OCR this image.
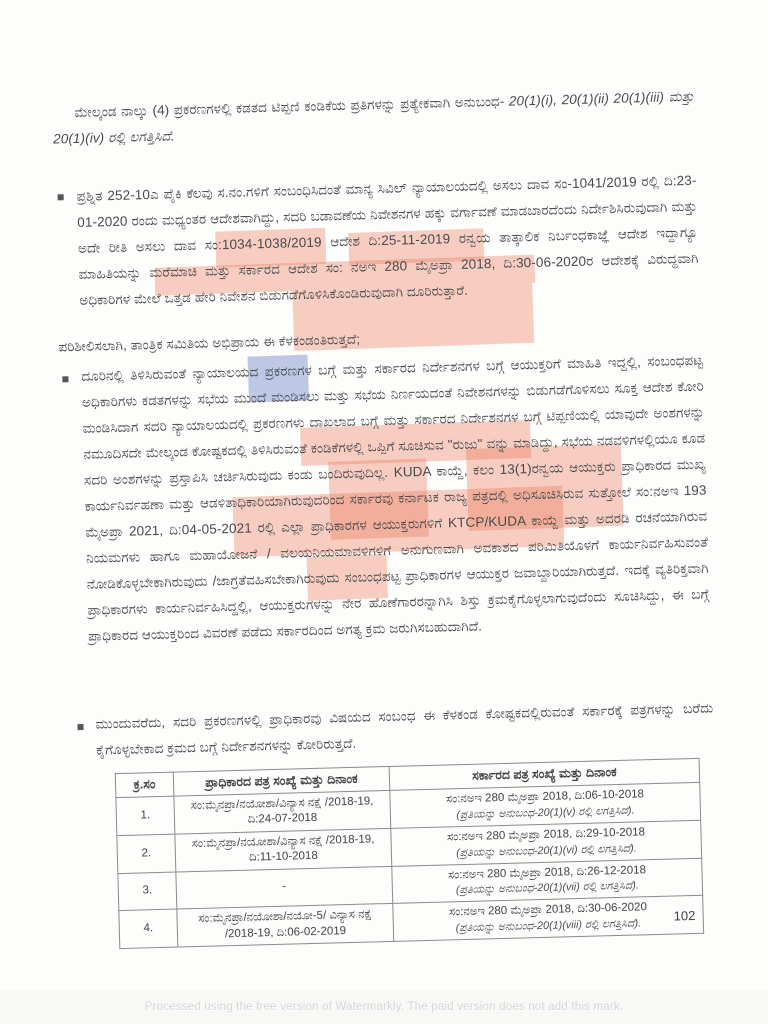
ಮೇಲ್ಕಂಡ ನಾಲ್ಕು (4) ಪ್ರಕರಣಗಳಲ್ಲಿ ಕಡತದ ಟಿಪ್ಪಣಿ ಕಂಡಿಕೆಯ ಪ್ರತಿಗಳನ್ನು ಪ್ರತ್ಯೇಕವಾಗಿ ಅನುಬಂಧ- 20(1)(i), 20(1)(ii) 20(1)(iii) ಮತ್ತು 20(1)(iv) ರಲ್ಲಿ ಲಗತ್ತಿಸಿದೆ.
ಪ್ರಶ್ನಿತ 252-10ಎ ಪೈಕಿ ಕೆಲವು ಸ.ನಂ.ಗಳಿಗೆ ಸಂಬಂಧಿಸಿದಂತೆ ಮಾನ್ಯ ಸಿವಿಲ್ ನ್ಯಾಯಾಲಯದಲ್ಲಿ ಅಸಲು ದಾವ ಸಂ-1041/2019 ರಲ್ಲಿ ದಿ:23-01-2020 ರಂದು ಮಧ್ಯಂತರ ಆದೇಶವಾಗಿದ್ದು, ಸದರಿ ಬಡಾವಣೆಯ ನಿವೇಶನಗಳ ಹಕ್ಕು ವರ್ಗಾವಣೆ ಮಾಡಬಾರದೆಂದು ನಿರ್ದೇಶಿಸಿರುವುದಾಗಿ ಮತ್ತು ಅದೇ ರೀತಿ ಅಸಲು ದಾವ ಸಂ:1034-1038/2019 ಆದೇಶ ದಿ:25-11-2019 ರನ್ವಯ ತಾತ್ಕಾಲಿಕ ನಿರ್ಬಂಧಕಾಜ್ಞೆ ಆದೇಶ ಇದ್ದಾಗ್ಯೂ ಮಾಹಿತಿಯನ್ನು ಮರೆಮಾಚಿ ಮತ್ತು ಸರ್ಕಾರದ ಆದೇಶ ಸಂ: ನಅಇ 280 ಮೈಅಪ್ರಾ 2018, ದಿ:30-06-2020ರ ಆದೇಶಕ್ಕೆ ವಿರುದ್ಧವಾಗಿ ಅಧಿಕಾರಿಗಳ ಮೇಲೆ ಒತ್ತಡ ಹೇರಿ ನಿವೇಶನ ಬಿಡುಗಡೆಗೊಳಿಸಿಕೊಂಡಿರುವುದಾಗಿ ದೂರಿರುತ್ತಾರೆ.
ಪರಿಶೀಲಿಸಲಾಗಿ, ತಾಂತ್ರಿಕ ಸಮಿತಿಯ ಅಭಿಪ್ರಾಯ ಈ ಕೆಳಕಂಡಂತಿರುತ್ತದೆ;
ದೂರಿನಲ್ಲಿ ತಿಳಿಸಿರುವಂತೆ ನ್ಯಾಯಾಲಯದ ಪ್ರಕರಣಗಳ ಬಗ್ಗೆ ಮತ್ತು ಸರ್ಕಾರದ ನಿರ್ದೇಶನಗಳ ಬಗ್ಗೆ ಆಯುಕ್ತರಿಗೆ ಮಾಹಿತಿ ಇದ್ದಲ್ಲಿ, ಸಂಬಂಧಪಟ್ಟ ಅಧಿಕಾರಿಗಳು ಕಡತಗಳನ್ನು ಸಭೆಯ ಮುಂದೆ ಮಂಡಿಸಲು ಮತ್ತು ಸಭೆಯ ನಿರ್ಣಯದಂತೆ ನಿವೇಶನಗಳನ್ನು ಬಿಡುಗಡೆಗೊಳಿಸಲು ಸೂಕ್ತ ಆದೇಶ ಕೋರಿ ಮಂಡಿಸಿದಾಗ ಸದರಿ ನ್ಯಾಯಾಲಯದಲ್ಲಿ ಪ್ರಕರಣಗಳು ದಾಖಲಾದ ಬಗ್ಗೆ ಮತ್ತು ಸರ್ಕಾರದ ನಿರ್ದೇಶನಗಳ ಬಗ್ಗೆ ಟಿಪ್ಪಣಿಯಲ್ಲಿ ಯಾವುದೇ ಅಂಶಗಳನ್ನು ನಮೂದಿಸದೇ ಮೇಲ್ಕಂಡ ಕೋಷ್ಟಕದಲ್ಲಿ ತಿಳಿಸಿರುವಂತೆ ಕಂಡಿಕೆಗಳಲ್ಲಿ ಒಪ್ಪಿಗೆ ಸೂಚಿಸುವ "ರುಜು" ವನ್ನು ಮಾಡಿದ್ದು, ಸಭೆಯ ನಡವಳಿಗಳಲ್ಲಿಯೂ ಕೂಡ ಸದರಿ ಅಂಶಗಳನ್ನು ಪ್ರಸ್ತಾಪಿಸಿ ಚರ್ಚಿಸಿರುವುದು ಕಂಡು ಬಂದಿರುವುದಿಲ್ಲ. KUDA ಕಾಯ್ದೆ, ಕಲಂ 13(1)ರನ್ವಯ ಆಯುಕ್ತರು ಪ್ರಾಧಿಕಾರದ ಮುಖ್ಯ ಕಾರ್ಯನಿರ್ವಹಣಾ ಮತ್ತು ಆಡಳಿತಾಧಿಕಾರಿಯಾಗಿರುವುದರಿಂದ ಸರ್ಕಾರವು ಕರ್ನಾಟಕ ರಾಜ್ಯ ಪತ್ರದಲ್ಲಿ ಅಧಿಸೂಚಿಸಿರುವ ಸುತ್ತೋಲೆ ಸಂ:ನಅಇ 193 ಮೈಅಪ್ರಾ 2021, ದಿ:04-05-2021 ರಲ್ಲಿ ಎಲ್ಲಾ ಪ್ರಾಧಿಕಾರಗಳ ಆಯುಕ್ತರುಗಳಿಗೆ KTCP/KUDA ಕಾಯ್ದೆ ಮತ್ತು ಅದರಡಿ ರಚನೆಯಾಗಿರುವ ನಿಯಮಗಳು ಹಾಗೂ ಮಹಾಯೋಜನೆ / ವಲಯನಿಯಮಾವಳಿಗಳಿಗೆ ಅನುಗುಣವಾಗಿ ಅವಕಾಶದ ಪರಿಮಿತಿಯೊಳಗೆ ಕಾರ್ಯನಿರ್ವಹಿಸುವಂತೆ ನೋಡಿಕೊಳ್ಳಬೇಕಾಗಿರುವುದು /ಜಾಗ್ರತೆವಹಿಸಬೇಕಾಗಿರುವುದು ಸಂಬಂಧಪಟ್ಟ ಪ್ರಾಧಿಕಾರಗಳ ಆಯುಕ್ತರ ಜವಾಬ್ದಾರಿಯಾಗಿರುತ್ತದೆ. ಇದಕ್ಕೆ ವ್ಯತಿರಿಕ್ತವಾಗಿ ಪ್ರಾಧಿಕಾರಗಳು ಕಾರ್ಯನಿರ್ವಹಿಸಿದ್ದಲ್ಲಿ, ಆಯುಕ್ತರುಗಳನ್ನು ನೇರ ಹೊಣೆಗಾರರನ್ನಾಗಿಸಿ ಶಿಸ್ತು ಕ್ರಮಕೈಗೊಳ್ಳಲಾಗುವುದೆಂದು ಸೂಚಿಸಿದ್ದು, ಈ ಬಗ್ಗೆ ಪ್ರಾಧಿಕಾರದ ಆಯುಕ್ತರಿಂದ ವಿವರಣೆ ಪಡೆದು ಸರ್ಕಾರದಿಂದ ಅಗತ್ಯ ಕ್ರಮ ಜರುಗಿಸಬಹುದಾಗಿದೆ.
ಮುಂದುವರೆದು, ಸದರಿ ಪ್ರಕರಣಗಳಲ್ಲಿ ಪ್ರಾಧಿಕಾರವು ವಿಷಯದ ಸಂಬಂಧ ಈ ಕೆಳಕಂಡ ಕೋಷ್ಟಕದಲ್ಲಿರುವಂತೆ ಸರ್ಕಾರಕ್ಕೆ ಪತ್ರಗಳನ್ನು ಬರೆದು ಕೈಗೊಳ್ಳಬೇಕಾದ ಕ್ರಮದ ಬಗ್ಗೆ ನಿರ್ದೇಶನಗಳನ್ನು ಕೋರಿರುತ್ತದೆ.
ಕ್ರ.ಸಂ	ಪ್ರಾಧಿಕಾರದ ಪತ್ರ ಸಂಖ್ಯೆ ಮತ್ತು ದಿನಾಂಕ	ಸರ್ಕಾರದ ಪತ್ರ ಸಂಖ್ಯೆ ಮತ್ತು ದಿನಾಂಕ
1.	ಸಂ:ಮೈನಪ್ರಾ/ನಯೋಶಾ/ವಿನ್ಯಾಸ ನಕ್ಷೆ /2018-19, ದಿ:24-07-2018	ಸಂ:ನಅಇ 280 ಮೈಅಪ್ರಾ 2018, ದಿ:06-10-2018
(ಪ್ರತಿಯನ್ನು ಅನುಬಂಧ-20(1)(v) ರಲ್ಲಿ ಲಗತ್ತಿಸಿದೆ).

2.	ಸಂ:ಮೈನಪ್ರಾ/ನಯೋಶಾ/ವಿನ್ಯಾಸ ನಕ್ಷೆ /2018-19, ದಿ:11-10-2018	ಸಂ:ನಅಇ 280 ಮೈಅಪ್ರಾ 2018, ದಿ:29-10-2018
(ಪ್ರತಿಯನ್ನು ಅನುಬಂಧ-20(1)(vi) ರಲ್ಲಿ ಲಗತ್ತಿಸಿದೆ).

3.	-	ಸಂ:ನಅಇ 280 ಮೈಅಪ್ರಾ 2018, ದಿ:26-12-2018
(ಪ್ರತಿಯನ್ನು ಅನುಬಂಧ-20(1)(vii) ರಲ್ಲಿ ಲಗತ್ತಿಸಿದೆ).

4.	ಸಂ:ಮೈನಪ್ರಾ/ನಯೋಶಾ/ನಯೋ-5/ ವಿನ್ಯಾಸ ನಕ್ಷೆ /2018-19, ದಿ:06-02-2019	ಸಂ:ನಅಇ 280 ಮೈಅಪ್ರಾ 2018, ದಿ:30-06-2020
(ಪ್ರತಿಯನ್ನು ಅನುಬಂಧ-20(1)(viii) ರಲ್ಲಿ ಲಗತ್ತಿಸಿದೆ).
102
Processed using the free version of Watermarkly. The paid version does not add this mark.
